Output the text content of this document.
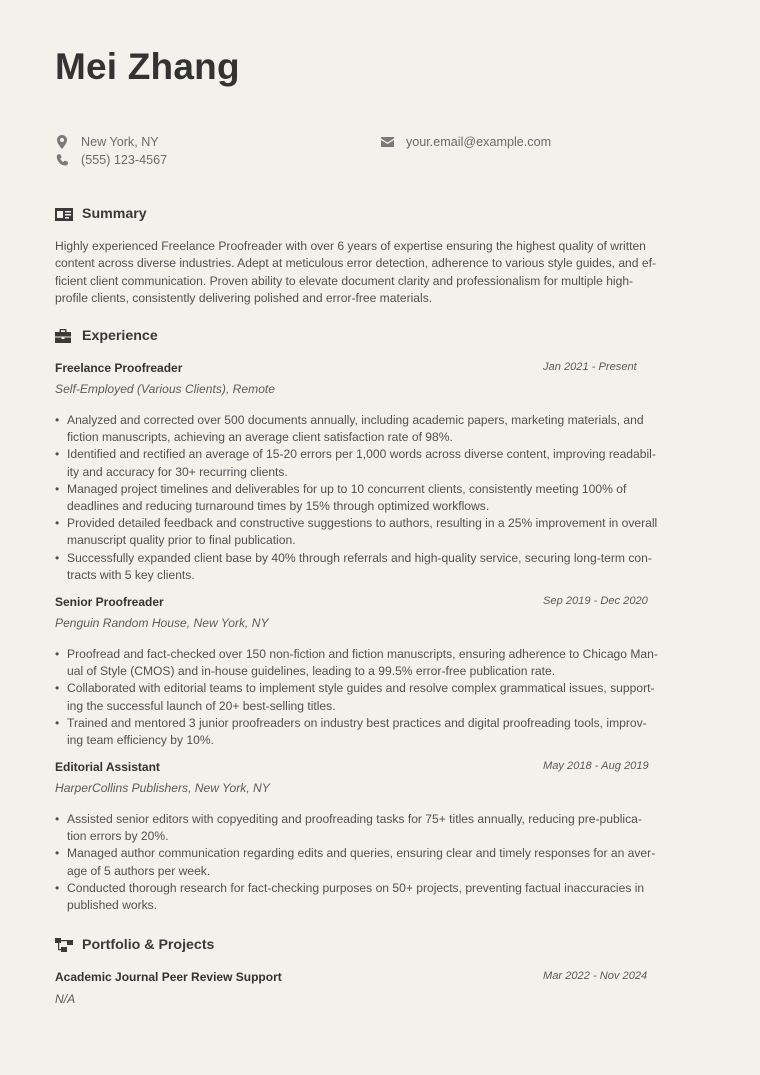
Mei Zhang
New York, NY
(555) 123-4567
your.email@example.com
Summary
Highly experienced Freelance Proofreader with over 6 years of expertise ensuring the highest quality of written
content across diverse industries. Adept at meticulous error detection, adherence to various style guides, and ef-
ficient client communication. Proven ability to elevate document clarity and professionalism for multiple high-
profile clients, consistently delivering polished and error-free materials.
Experience
Freelance Proofreader	Jan 2021 - Present
Self-Employed (Various Clients), Remote
• Analyzed and corrected over 500 documents annually, including academic papers, marketing materials, and
fiction manuscripts, achieving an average client satisfaction rate of 98%.
• Identified and rectified an average of 15-20 errors per 1,000 words across diverse content, improving readabil-
ity and accuracy for 30+ recurring clients.
• Managed project timelines and deliverables for up to 10 concurrent clients, consistently meeting 100% of
deadlines and reducing turnaround times by 15% through optimized workflows.
• Provided detailed feedback and constructive suggestions to authors, resulting in a 25% improvement in overall
manuscript quality prior to final publication.
• Successfully expanded client base by 40% through referrals and high-quality service, securing long-term con-
tracts with 5 key clients.
Senior Proofreader	Sep 2019 - Dec 2020
Penguin Random House, New York, NY
• Proofread and fact-checked over 150 non-fiction and fiction manuscripts, ensuring adherence to Chicago Man-
ual of Style (CMOS) and in-house guidelines, leading to a 99.5% error-free publication rate.
• Collaborated with editorial teams to implement style guides and resolve complex grammatical issues, support-
ing the successful launch of 20+ best-selling titles.
• Trained and mentored 3 junior proofreaders on industry best practices and digital proofreading tools, improv-
ing team efficiency by 10%.
Editorial Assistant	May 2018 - Aug 2019
HarperCollins Publishers, New York, NY
• Assisted senior editors with copyediting and proofreading tasks for 75+ titles annually, reducing pre-publica-
tion errors by 20%.
• Managed author communication regarding edits and queries, ensuring clear and timely responses for an aver-
age of 5 authors per week.
• Conducted thorough research for fact-checking purposes on 50+ projects, preventing factual inaccuracies in
published works.
Portfolio & Projects
Academic Journal Peer Review Support	Mar 2022 - Nov 2024
N/A
